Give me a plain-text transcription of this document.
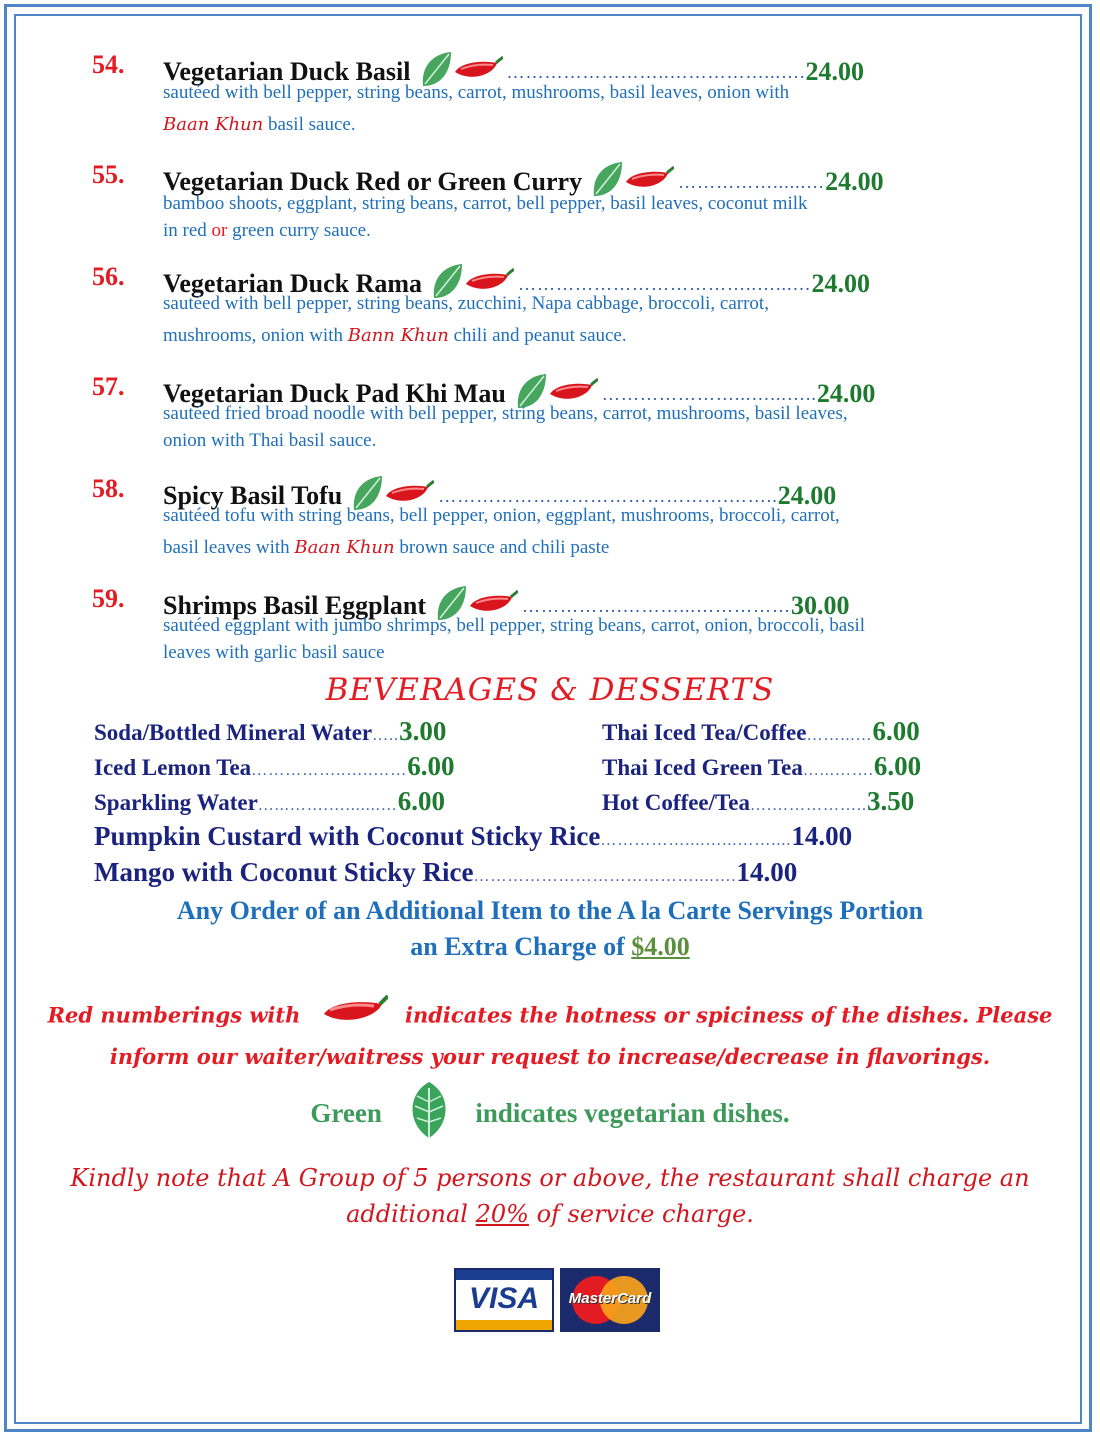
54. Vegetarian Duck Basil	……………………..……………...…. 24.00
sautéed with bell pepper, string beans, carrot, mushrooms, basil leaves, onion with
Baan Khun basil sauce.
55. Vegetarian Duck Red or Green Curry	……………......… 24.00
bamboo shoots, eggplant, string beans, carrot, bell pepper, basil leaves, coconut milk
in red or green curry sauce.
56. Vegetarian Duck Rama	………………………………..…...… 24.00
sautéed with bell pepper, string beans, zucchini, Napa cabbage, broccoli, carrot,
mushrooms, onion with Bann Khun chili and peanut sauce.
57. Vegetarian Duck Pad Khi Mau	…………………...…...….. 24.00
sautéed fried broad noodle with bell pepper, string beans, carrot, mushrooms, basil leaves,
onion with Thai basil sauce.
58. Spicy Basil Tofu	……………………………………….…….. 24.00
sautéed tofu with string beans, bell pepper, onion, eggplant, mushrooms, broccoli, carrot,
basil leaves with Baan Khun brown sauce and chili paste
59. Shrimps Basil Eggplant	…………….………...…………… 30.00
sautéed eggplant with jumbo shrimps, bell pepper, string beans, carrot, onion, broccoli, basil
leaves with garlic basil sauce
BEVERAGES & DESSERTS
Soda/Bottled Mineral Water…..3.00	Thai Iced Tea/Coffee……...…6.00
Iced Lemon Tea……………..…..……6.00	Thai Iced Green Tea…...…….6.00
Sparkling Water…...…….….......…6.00	Hot Coffee/Tea….……………..3.50
Pumpkin Custard with Coconut Sticky Rice……………....…...……....14.00
Mango with Coconut Sticky Rice…………………………………....….14.00
Any Order of an Additional Item to the A la Carte Servings Portion
an Extra Charge of $4.00
Red numberings with	indicates the hotness or spiciness of the dishes. Please
inform our waiter/waitress your request to increase/decrease in flavorings.
Green	indicates vegetarian dishes.
Kindly note that A Group of 5 persons or above, the restaurant shall charge an
additional 20% of service charge.
VISA	MasterCard
